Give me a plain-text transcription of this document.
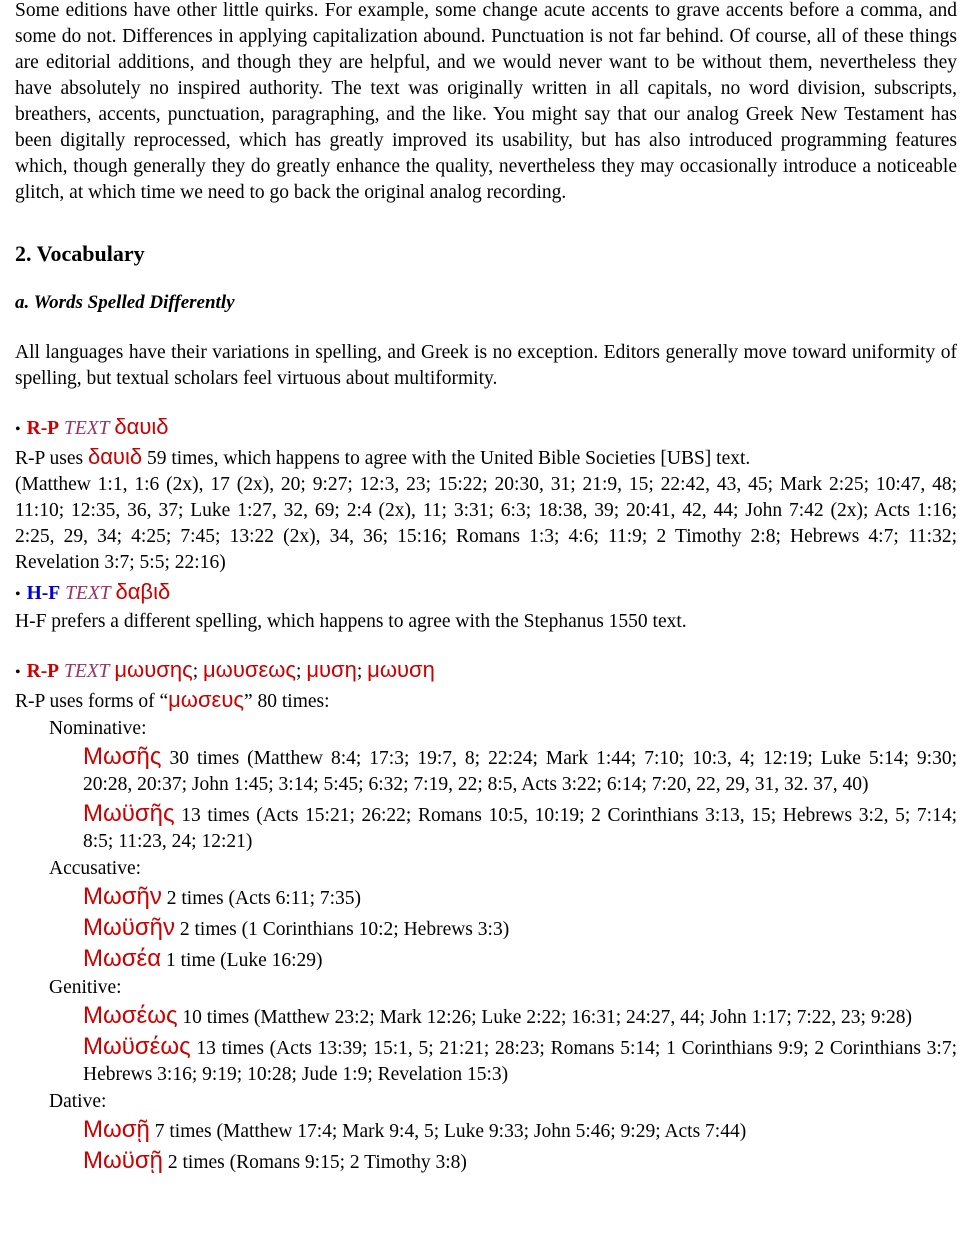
Some editions have other little quirks. For example, some change acute accents to grave accents before a comma, and some do not. Differences in applying capitalization abound. Punctuation is not far behind. Of course, all of these things are editorial additions, and though they are helpful, and we would never want to be without them, nevertheless they have absolutely no inspired authority. The text was originally written in all capitals, no word division, subscripts, breathers, accents, punctuation, paragraphing, and the like. You might say that our analog Greek New Testament has been digitally reprocessed, which has greatly improved its usability, but has also introduced programming features which, though generally they do greatly enhance the quality, nevertheless they may occasionally introduce a noticeable glitch, at which time we need to go back the original analog recording.

2. Vocabulary
a. Words Spelled Differently

All languages have their variations in spelling, and Greek is no exception. Editors generally move toward uniformity of spelling, but textual scholars feel virtuous about multiformity.

• R-P TEXT δαυιδ

R-P uses δαυιδ 59 times, which happens to agree with the United Bible Societies [UBS] text.

(Matthew 1:1, 1:6 (2x), 17 (2x), 20; 9:27; 12:3, 23; 15:22; 20:30, 31; 21:9, 15; 22:42, 43, 45; Mark 2:25; 10:47, 48; 11:10; 12:35, 36, 37; Luke 1:27, 32, 69; 2:4 (2x), 11; 3:31; 6:3; 18:38, 39; 20:41, 42, 44; John 7:42 (2x); Acts 1:16; 2:25, 29, 34; 4:25; 7:45; 13:22 (2x), 34, 36; 15:16; Romans 1:3; 4:6; 11:9; 2 Timothy 2:8; Hebrews 4:7; 11:32; Revelation 3:7; 5:5; 22:16)

• H-F TEXT δαβιδ

H-F prefers a different spelling, which happens to agree with the Stephanus 1550 text.

• R-P TEXT μωυσης; μωυσεως; μυση; μωυση

R-P uses forms of “μωσευς” 80 times:

Nominative:

Μωσῆς 30 times (Matthew 8:4; 17:3; 19:7, 8; 22:24; Mark 1:44; 7:10; 10:3, 4; 12:19; Luke 5:14; 9:30; 20:28, 20:37; John 1:45; 3:14; 5:45; 6:32; 7:19, 22; 8:5, Acts 3:22; 6:14; 7:20, 22, 29, 31, 32. 37, 40)

Μωϋσῆς 13 times (Acts 15:21; 26:22; Romans 10:5, 10:19; 2 Corinthians 3:13, 15; Hebrews 3:2, 5; 7:14; 8:5; 11:23, 24; 12:21)

Accusative:

Μωσῆν 2 times (Acts 6:11; 7:35)

Μωϋσῆν 2 times (1 Corinthians 10:2; Hebrews 3:3)

Μωσέα 1 time (Luke 16:29)

Genitive:

Μωσέως 10 times (Matthew 23:2; Mark 12:26; Luke 2:22; 16:31; 24:27, 44; John 1:17; 7:22, 23; 9:28)

Μωϋσέως 13 times (Acts 13:39; 15:1, 5; 21:21; 28:23; Romans 5:14; 1 Corinthians 9:9; 2 Corinthians 3:7; Hebrews 3:16; 9:19; 10:28; Jude 1:9; Revelation 15:3)

Dative:

Μωσῇ 7 times (Matthew 17:4; Mark 9:4, 5; Luke 9:33; John 5:46; 9:29; Acts 7:44)

Μωϋσῇ 2 times (Romans 9:15; 2 Timothy 3:8)
